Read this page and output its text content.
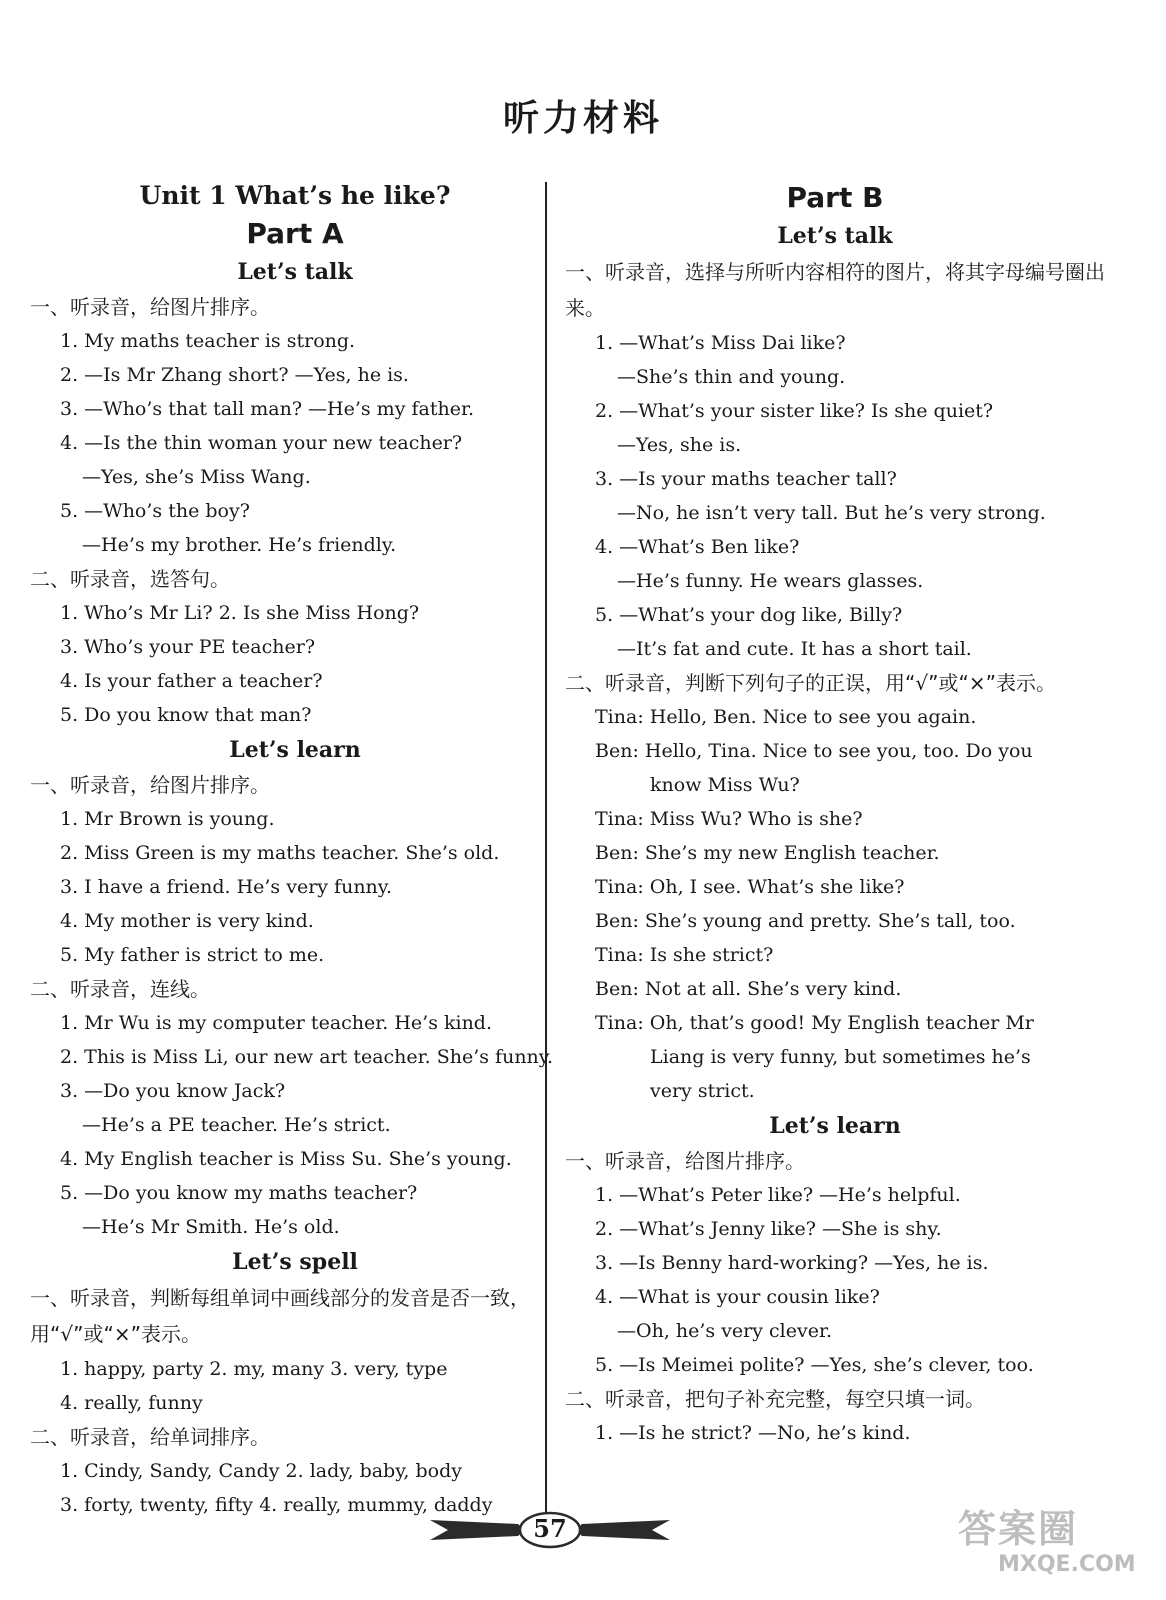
听力材料
Unit 1 What’s he like?
Part A
Let’s talk
一、听录音，给图片排序。
1. My maths teacher is strong.
2. —Is Mr Zhang short? —Yes, he is.
3. —Who’s that tall man? —He’s my father.
4. —Is the thin woman your new teacher?
—Yes, she’s Miss Wang.
5. —Who’s the boy?
—He’s my brother. He’s friendly.
二、听录音，选答句。
1. Who’s Mr Li? 2. Is she Miss Hong?
3. Who’s your PE teacher?
4. Is your father a teacher?
5. Do you know that man?
Let’s learn
一、听录音，给图片排序。
1. Mr Brown is young.
2. Miss Green is my maths teacher. She’s old.
3. I have a friend. He’s very funny.
4. My mother is very kind.
5. My father is strict to me.
二、听录音，连线。
1. Mr Wu is my computer teacher. He’s kind.
2. This is Miss Li, our new art teacher. She’s funny.
3. —Do you know Jack?
—He’s a PE teacher. He’s strict.
4. My English teacher is Miss Su. She’s young.
5. —Do you know my maths teacher?
—He’s Mr Smith. He’s old.
Let’s spell
一、听录音，判断每组单词中画线部分的发音是否一致，用“√”或“×”表示。
1. happy, party 2. my, many 3. very, type
4. really, funny
二、听录音，给单词排序。
1. Cindy, Sandy, Candy 2. lady, baby, body
3. forty, twenty, fifty 4. really, mummy, daddy
Part B
Let’s talk
一、听录音，选择与所听内容相符的图片，将其字母编号圈出来。
1. —What’s Miss Dai like?
—She’s thin and young.
2. —What’s your sister like? Is she quiet?
—Yes, she is.
3. —Is your maths teacher tall?
—No, he isn’t very tall. But he’s very strong.
4. —What’s Ben like?
—He’s funny. He wears glasses.
5. —What’s your dog like, Billy?
—It’s fat and cute. It has a short tail.
二、听录音，判断下列句子的正误，用“√”或“×”表示。
Tina: Hello, Ben. Nice to see you again.
Ben: Hello, Tina. Nice to see you, too. Do you
know Miss Wu?
Tina: Miss Wu? Who is she?
Ben: She’s my new English teacher.
Tina: Oh, I see. What’s she like?
Ben: She’s young and pretty. She’s tall, too.
Tina: Is she strict?
Ben: Not at all. She’s very kind.
Tina: Oh, that’s good! My English teacher Mr
Liang is very funny, but sometimes he’s
very strict.
Let’s learn
一、听录音，给图片排序。
1. —What’s Peter like? —He’s helpful.
2. —What’s Jenny like? —She is shy.
3. —Is Benny hard-working? —Yes, he is.
4. —What is your cousin like?
—Oh, he’s very clever.
5. —Is Meimei polite? —Yes, she’s clever, too.
二、听录音，把句子补充完整，每空只填一词。
1. —Is he strict? —No, he’s kind.
57	答案圈
MXQE.COM
